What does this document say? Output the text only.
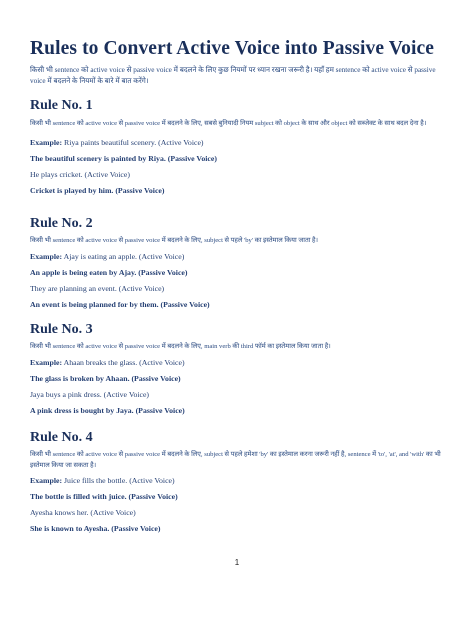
Rules to Convert Active Voice into Passive Voice
किसी भी sentence को active voice से passive voice में बदलने के लिए कुछ नियमों पर ध्यान रखना जरूरी है। यहाँ हम sentence को active voice से passive voice में बदलने के नियमों के बारे में बात करेंगे।
Rule No. 1
किसी भी sentence को active voice से passive voice में बदलने के लिए, सबसे बुनियादी नियम subject को object के साथ और object को सब्जेक्ट के साथ बदल देना है।
Example: Riya paints beautiful scenery. (Active Voice)
The beautiful scenery is painted by Riya. (Passive Voice)
He plays cricket. (Active Voice)
Cricket is played by him. (Passive Voice)
Rule No. 2
किसी भी sentence को active voice से passive voice में बदलने के लिए, subject से पहले 'by' का इस्तेमाल किया जाता है।
Example: Ajay is eating an apple. (Active Voice)
An apple is being eaten by Ajay. (Passive Voice)
They are planning an event. (Active Voice)
An event is being planned for by them. (Passive Voice)
Rule No. 3
किसी भी sentence को active voice से passive voice में बदलने के लिए, main verb की third फॉर्म का इस्तेमाल किया जाता है।
Example: Ahaan breaks the glass. (Active Voice)
The glass is broken by Ahaan. (Passive Voice)
Jaya buys a pink dress. (Active Voice)
A pink dress is bought by Jaya. (Passive Voice)
Rule No. 4
किसी भी sentence को active voice से passive voice में बदलने के लिए, subject से पहले हमेशा 'by' का इस्तेमाल करना जरूरी नहीं है, sentence में 'to', 'at', and 'with' का भी इस्तेमाल किया जा सकता है।
Example: Juice fills the bottle. (Active Voice)
The bottle is filled with juice. (Passive Voice)
Ayesha knows her. (Active Voice)
She is known to Ayesha. (Passive Voice)
1
